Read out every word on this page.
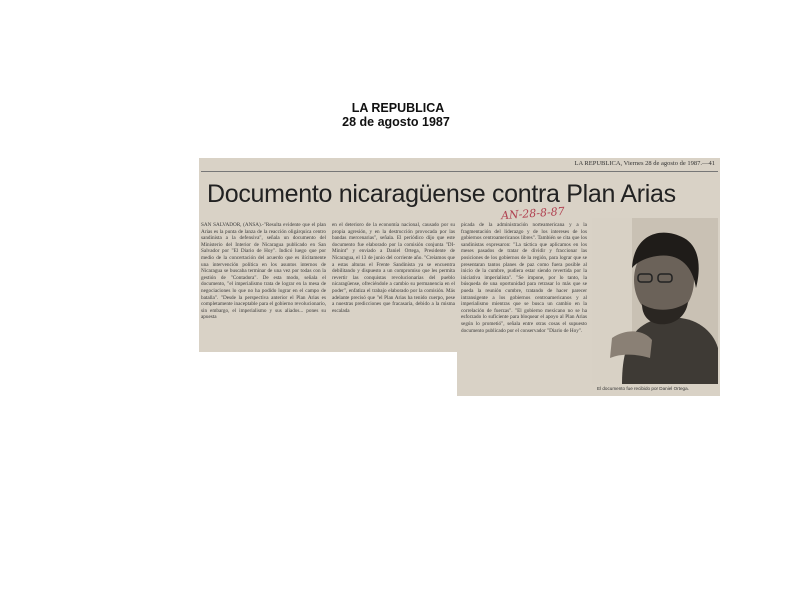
LA REPUBLICA
28 de agosto 1987
LA REPUBLICA, Viernes 28 de agosto de 1987.—41
Documento nicaragüense contra Plan Arias
AN-28-8-87
SAN SALVADOR, (ANSA).-"Resulta evidente que el plan Arias es la punta de lanza de la reacción oligárquica centro sandinista a la defensiva", señala un documento del Ministerio del Interior de Nicaragua publicado en San Salvador por "El Diario de Hoy". Indicó luego que por medio de la concertación del acuerdo que es ilícitamente una intervención política en los asuntos internos de Nicaragua se buscaba terminar de una vez por todas con la gestión de "Contadora". De esta modo, señala el documento, "el imperialismo trata de lograr en la mesa de negociaciones lo que no ha podido lograr en el campo de batalla". "Desde la perspectiva anterior el Plan Arias es completamente inaceptable para el gobierno revolucionario, sin embargo, el imperialismo y sus aliados... pones su apuesta
en el deterioro de la economía nacional, causado por su propia agresión, y en la destrucción provocada por las bandas mercenarias", señala. El periódico dijo que este documento fue elaborado por la comisión conjunta "DI-Minint" y enviado a Daniel Ortega, Presidente de Nicaragua, el 13 de junio del corriente año. "Creíamos que a estas alturas el Frente Sandinista ya se encuentra debilitando y dispuesto a un compromiso que les permita revertir las conquistas revolucionarias del pueblo nicaragüense, ofreciéndole a cambio su permanencia en el poder", enfatiza el trabajo elaborado por la comisión. Más adelante precisó que "el Plan Arias ha tenido cuerpo, pese a nuestras predicciones que fracasaría, debido a la misma escalada
picada de la administración norteamericana y a la fragmentación del liderazgo y de los intereses de los gobiernos centroamericanos libres". También se cita que los sandinistas expresaron: "La táctica que aplicamos en los meses pasados de tratar de dividir y fraccionar las posiciones de los gobiernos de la región, para lograr que se presentaran tantos planes de paz como fuera posible al inicio de la cumbre, pudiera estar siendo revertida por la iniciativa imperialista". "Se impone, por lo tanto, la búsqueda de una oportunidad para retrasar lo más que se pueda la reunión cumbre, tratando de hacer parecer intransigente a los gobiernos centroamericanos y al imperialismo mientras que se busca un cambio en la correlación de fuerzas". "El gobierno mexicano no se ha esforzado lo suficiente para bloquear el apoyo al Plan Arias según lo prometió", señala entre otras cosas el supuesto documento publicado por el conservador "Diario de Hoy".
El documento fue recibido por Daniel Ortega.
